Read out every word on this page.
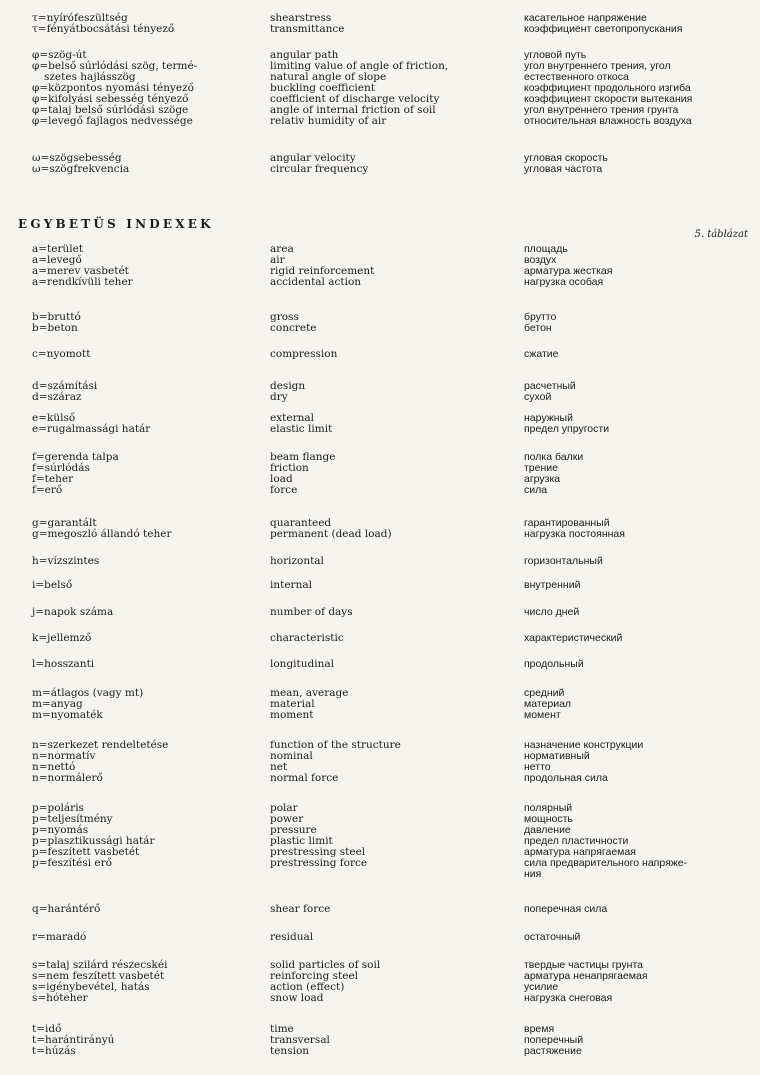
EGYBETÜS INDEXEK
5. táblázat
τ=nyírófeszültség	shearstress	касательное напряжение
τ=fényátbocsátási tényező	transmittance	коэффициент светопропускания
φ=szög-út	angular path	угловой путь
φ=belső súrlódási szög, termé-	limiting value of angle of friction,	угол внутреннего трения, угол
szetes hajlásszög	natural angle of slope	естественного откоса
φ=központos nyomási tényező	buckling coefficient	коэффициент продольного изгиба
φ=kifolyási sebesség tényező	coefficient of discharge velocity	коэффициент скорости вытекания
φ=talaj belső súrlódási szöge	angle of internal friction of soil	угол внутреннего трения грунта
φ=levegő fajlagos nedvessége	relativ humidity of air	относительная влажность воздуха
ω=szögsebesség	angular velocity	угловая скорость
ω=szögfrekvencia	circular frequency	угловая частота
a=terület	area	площадь
a=levegő	air	воздух
a=merev vasbetét	rigid reinforcement	арматура жесткая
a=rendkívüli teher	accidental action	нагрузка особая
b=bruttó	gross	брутто
b=beton	concrete	бетон
c=nyomott	compression	сжатие
d=számítási	design	расчетный
d=száraz	dry	сухой
e=külső	external	наружный
e=rugalmassági határ	elastic limit	предел упругости
f=gerenda talpa	beam flange	полка балки
f=súrlódás	friction	трение
f=teher	load	агрузка
f=erő	force	сила
g=garantált	quaranteed	гарантированный
g=megoszló állandó teher	permanent (dead load)	нагрузка постоянная
h=vízszintes	horizontal	горизонтальный
i=belső	internal	внутренний
j=napok száma	number of days	число дней
k=jellemző	characteristic	характеристический
l=hosszanti	longitudinal	продольный
m=átlagos (vagy mt)	mean, average	средний
m=anyag	material	материал
m=nyomaték	moment	момент
n=szerkezet rendeltetése	function of the structure	назначение конструкции
n=normatív	nominal	нормативный
n=nettó	net	нетто
n=normálerő	normal force	продольная сила
p=poláris	polar	полярный
p=teljesítmény	power	мощность
p=nyomás	pressure	давление
p=plasztikussági határ	plastic limit	предел пластичности
p=feszített vasbetét	prestressing steel	арматура напрягаемая
p=feszítési erő	prestressing force	сила предварительного напряже-
ния
q=harántérő	shear force	поперечная сила
r=maradó	residual	остаточный
s=talaj szilárd részecskéi	solid particles of soil	твердые частицы грунта
s=nem feszített vasbetét	reinforcing steel	арматура ненапрягаемая
s=igénybevétel, hatás	action (effect)	усилие
s=hóteher	snow load	нагрузка снеговая
t=idő	time	время
t=harántirányú	transversal	поперечный
t=húzás	tension	растяжение
